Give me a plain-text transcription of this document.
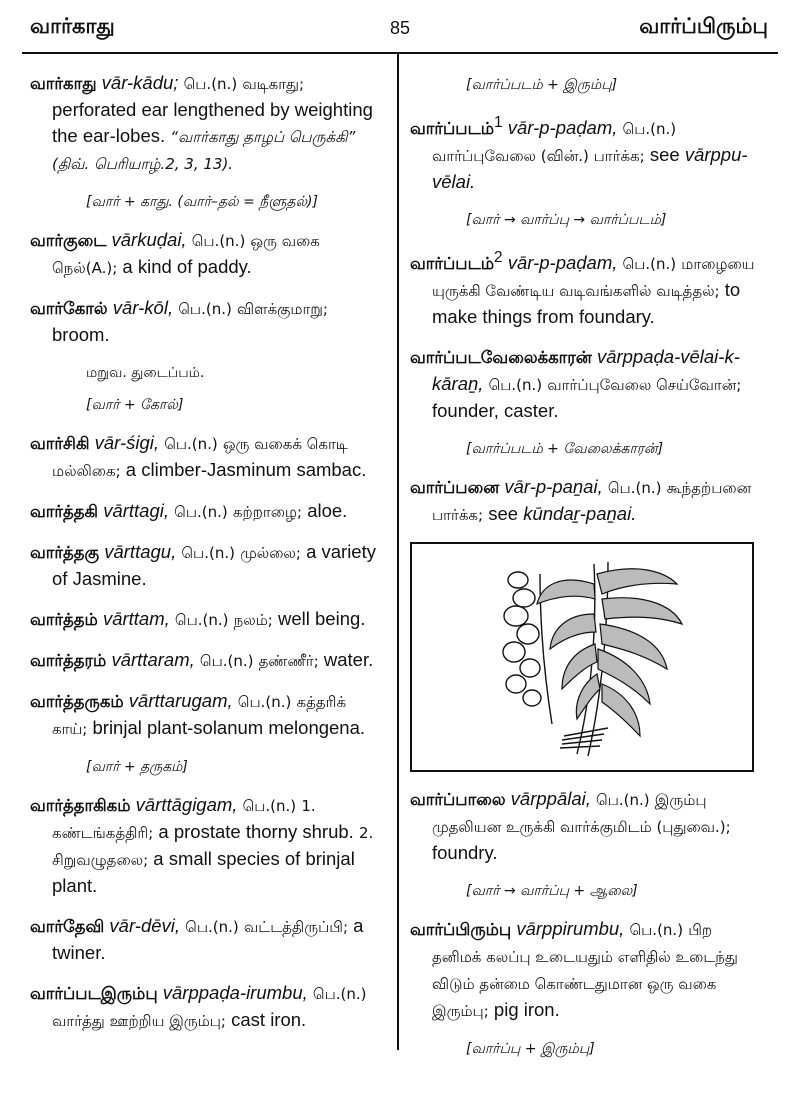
வார்காது	85	வார்ப்பிரும்பு
வார்காது vār-kādu; பெ.(n.) வடிகாது; perforated ear lengthened by weighting the ear-lobes. “வார்காது தாழப் பெருக்கி” (திவ். பெரியாழ்.2, 3, 13).
[வார் + காது. (வார்–தல் = நீளுதல்)]
வார்குடை vārkuḍai, பெ.(n.) ஒரு வகை நெல்(A.); a kind of paddy.
வார்கோல் vār-kōl, பெ.(n.) விளக்குமாறு; broom.
மறுவ. துடைப்பம்.
[வார் + கோல்]
வார்சிகி vār-śigi, பெ.(n.) ஒரு வகைக் கொடி மல்லிகை; a climber-Jasminum sambac.
வார்த்தகி vārttagi, பெ.(n.) கற்றாழை; aloe.
வார்த்தகு vārttagu, பெ.(n.) முல்லை; a variety of Jasmine.
வார்த்தம் vārttam, பெ.(n.) நலம்; well being.
வார்த்தரம் vārttaram, பெ.(n.) தண்ணீர்; water.
வார்த்தருகம் vārttarugam, பெ.(n.) கத்தரிக் காய்; brinjal plant-solanum melongena.
[வார் + தருகம்]
வார்த்தாகிகம் vārttāgigam, பெ.(n.) 1. கண்டங்கத்திரி; a prostate thorny shrub. 2. சிறுவழுதலை; a small species of brinjal plant.
வார்தேவி vār-dēvi, பெ.(n.) வட்டத்திருப்பி; a twiner.
வார்ப்படஇரும்பு vārppaḍa-irumbu, பெ.(n.) வார்த்து ஊற்றிய இரும்பு; cast iron.
[வார்ப்படம் + இரும்பு]
வார்ப்படம்$^1$ vār-p-paḍam, பெ.(n.) வார்ப்புவேலை (வின்.) பார்க்க; see vārppu-vēlai.
[வார் → வார்ப்பு → வார்ப்படம்]
வார்ப்படம்$^2$ vār-p-paḍam, பெ.(n.) மாழையை யுருக்கி வேண்டிய வடிவங்களில் வடித்தல்; to make things from foundary.
வார்ப்படவேலைக்காரன் vārppaḍa-vēlai-k-kāraṉ, பெ.(n.) வார்ப்புவேலை செய்வோன்; founder, caster.
[வார்ப்படம் + வேலைக்காரன்]
வார்ப்பனை vār-p-paṉai, பெ.(n.) கூந்தற்பனை பார்க்க; see kūndaṟ-paṉai.
வார்ப்பாலை vārppālai, பெ.(n.) இரும்பு முதலியன உருக்கி வார்க்குமிடம் (புதுவை.); foundry.
[வார் → வார்ப்பு + ஆலை]
வார்ப்பிரும்பு vārppirumbu, பெ.(n.) பிற தனிமக் கலப்பு உடையதும் எளிதில் உடைந்து விடும் தன்மை கொண்டதுமான ஒரு வகை இரும்பு; pig iron.
[வார்ப்பு + இரும்பு]
